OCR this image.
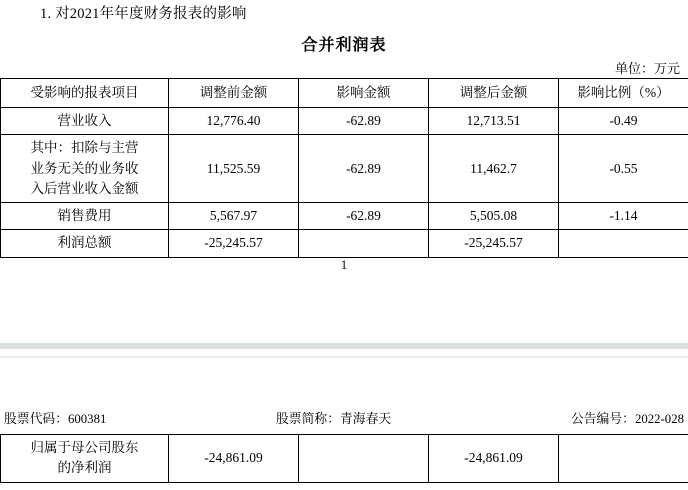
1. 对2021年年度财务报表的影响
合并利润表
单位：万元
受影响的报表项目	调整前金额	影响金额	调整后金额	影响比例（%）
营业收入	12,776.40	-62.89	12,713.51	-0.49
其中：扣除与主营
业务无关的业务收
入后营业收入金额	11,525.59	-62.89	11,462.7	-0.55
销售费用	5,567.97	-62.89	5,505.08	-1.14
利润总额	-25,245.57		-25,245.57	
1
股票代码：600381	股票简称：青海春天	公告编号：2022-028
归属于母公司股东
的净利润	-24,861.09		-24,861.09	
